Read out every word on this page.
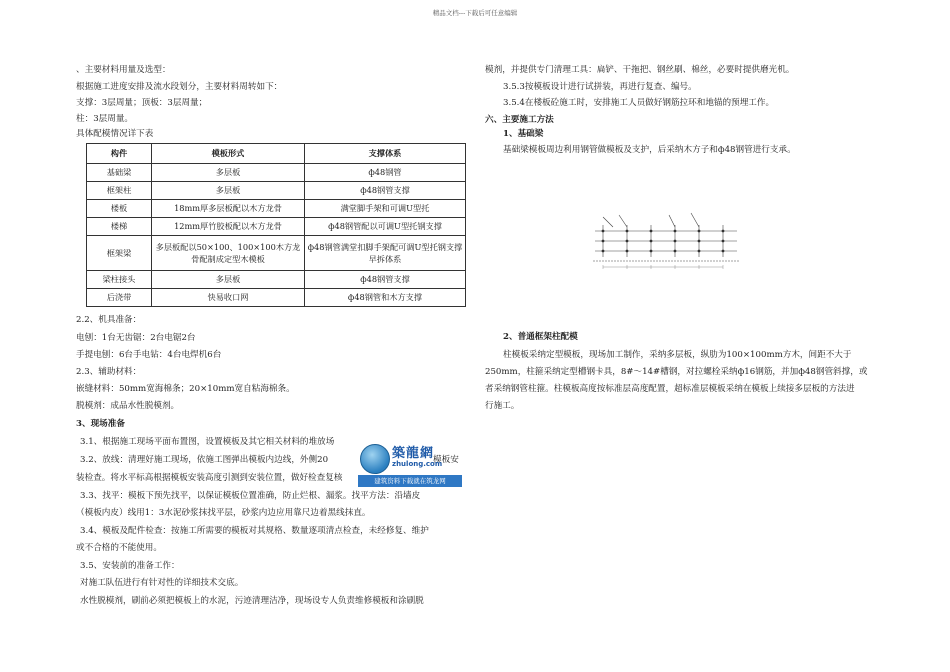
精品文档---下载后可任意编辑
、主要材料用量及选型：
根据施工进度安排及流水段划分，主要材料周转如下：
支撑：3层周量；顶板：3层周量；
柱：3层周量。
具体配模情况详下表
构件	模板形式	支撑体系
基础梁	多层板	ф48钢管
框架柱	多层板	ф48钢管支撑
楼板	18mm厚多层板配以木方龙骨	满堂脚手架和可调U型托
楼梯	12mm厚竹胶板配以木方龙骨	ф48钢管配以可调U型托钢支撑
框架梁	多层板配以50×100、100×100木方龙骨配制成定型木模板	ф48钢管满堂扣脚手架配可调U型托钢支撑早拆体系
梁柱接头	多层板	ф48钢管支撑
后浇带	快易收口网	ф48钢管和木方支撑
2.2、机具准备：
电刨：1台无齿锯：2台电锯2台
手提电刨：6台手电钻：4台电焊机6台
2.3、辅助材料：
嵌缝材料：50mm宽海棉条；20×10mm宽自粘海棉条。
脱模剂：成品水性脱模剂。
3、现场准备
3.1、根据施工现场平面布置图，设置模板及其它相关材料的堆放场
3.2、放线：清理好施工现场，依施工图弹出模板内边线，外侧20	模板安
装检查。将水平标高根据模板安装高度引测到安装位置，做好检查复核
3.3、找平：模板下预先找平，以保证模板位置准确，防止烂根、漏浆。找平方法：沿墙皮
（模板内皮）线用1：3水泥砂浆抹找平层，砂浆内边应用靠尺边着黑线抹直。
3.4、模板及配件检查：按施工所需要的模板对其规格、数量逐项清点检查，未经修复、维护
或不合格的不能使用。
3.5、安装前的准备工作：
对施工队伍进行有针对性的详细技术交底。
水性脱模剂，刷前必须把模板上的水泥，污迹清理洁净，现场设专人负责维修模板和涂刷脱
築龍網
zhulong.com
建筑资料下载就在筑龙网
模剂，并提供专门清理工具：扁铲、干拖把、钢丝刷、棉丝，必要时提供磨光机。
3.5.3按模板设计进行试拼装，再进行复查、编号。
3.5.4在楼板砼施工时，安排施工人员做好钢筋拉环和地锚的预埋工作。
六、主要施工方法
1、基础梁
基础梁模板周边利用钢管做模板及支护，后采纳木方子和ф48钢管进行支承。
2、普通框架柱配模
柱模板采纳定型模板，现场加工制作，采纳多层板，纵肋为100×100mm方木，间距不大于
250mm，柱箍采纳定型槽钢卡具，8#～14#槽钢，对拉螺栓采纳ф16钢筋，并加ф48钢管斜撑，或
者采纳钢管柱箍。柱模板高度按标准层高度配置，超标准层模板采纳在模板上续接多层板的方法进
行施工。
